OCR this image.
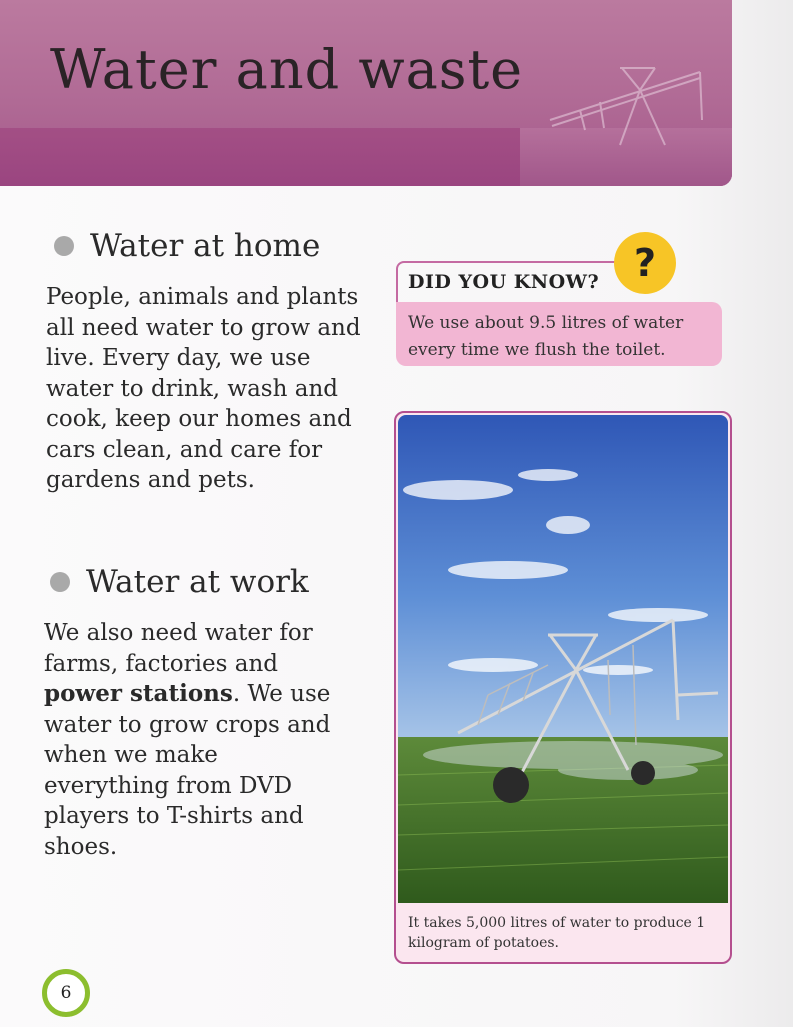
Water and waste
Water at home

People, animals and plants all need water to grow and live. Every day, we use water to drink, wash and cook, keep our homes and cars clean, and care for gardens and pets.

Water at work

We also need water for farms, factories and power stations. We use water to grow crops and when we make everything from DVD players to T-shirts and shoes.

DID YOU KNOW?
We use about 9.5 litres of water every time we flush the toilet.
?

It takes 5,000 litres of water to produce 1 kilogram of potatoes.

6
